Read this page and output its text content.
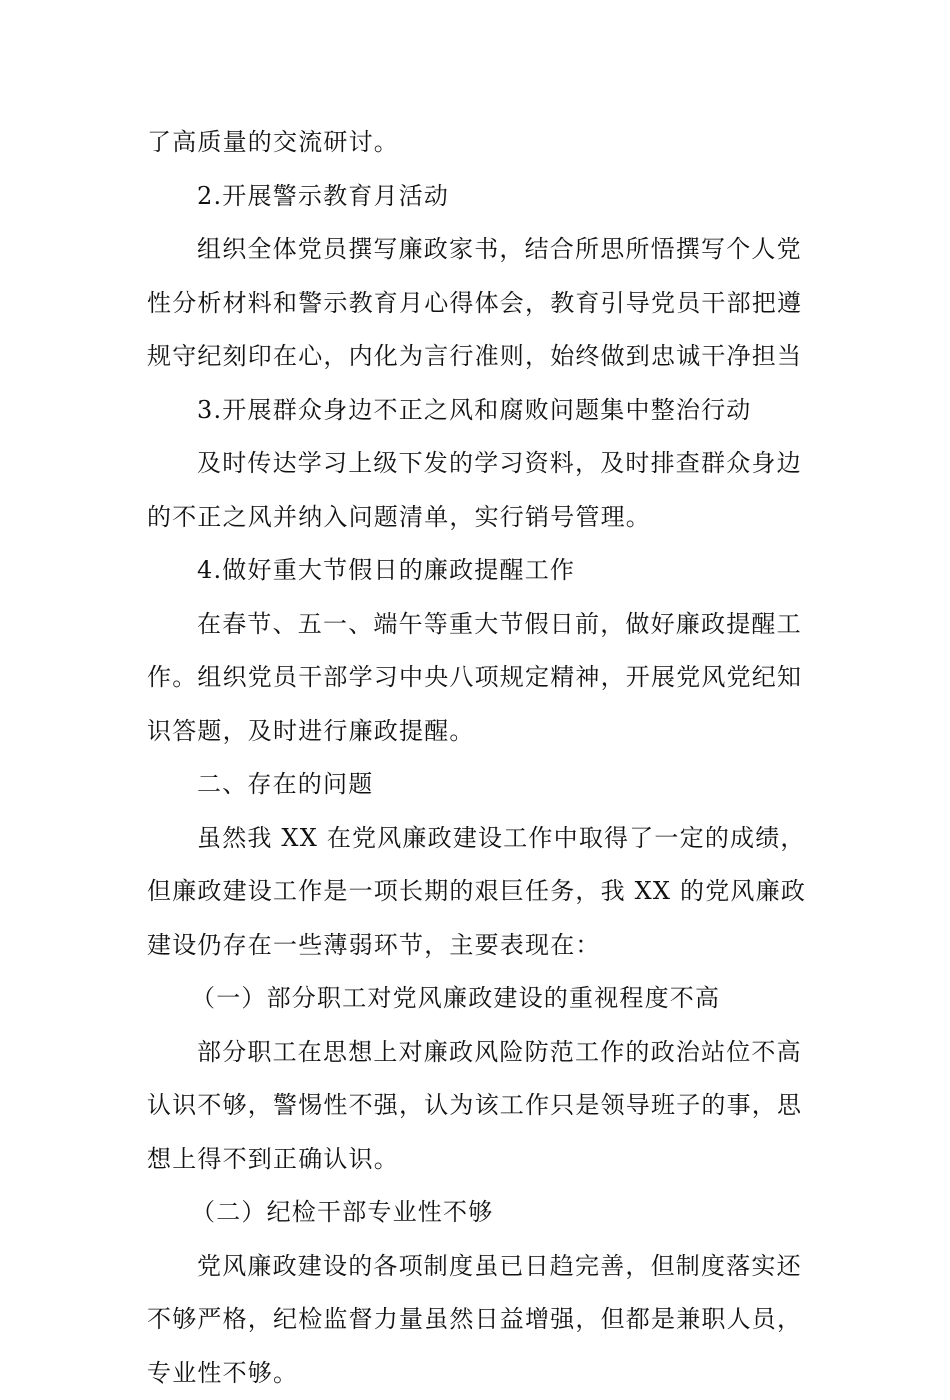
了高质量的交流研讨。

2.开展警示教育月活动

组织全体党员撰写廉政家书，结合所思所悟撰写个人党
性分析材料和警示教育月心得体会，教育引导党员干部把遵
规守纪刻印在心，内化为言行准则，始终做到忠诚干净担当

3.开展群众身边不正之风和腐败问题集中整治行动

及时传达学习上级下发的学习资料，及时排查群众身边
的不正之风并纳入问题清单，实行销号管理。

4.做好重大节假日的廉政提醒工作

在春节、五一、端午等重大节假日前，做好廉政提醒工
作。组织党员干部学习中央八项规定精神，开展党风党纪知
识答题，及时进行廉政提醒。

二、存在的问题

虽然我 XX 在党风廉政建设工作中取得了一定的成绩，
但廉政建设工作是一项长期的艰巨任务，我 XX 的党风廉政
建设仍存在一些薄弱环节，主要表现在：

（一）部分职工对党风廉政建设的重视程度不高

部分职工在思想上对廉政风险防范工作的政治站位不高
认识不够，警惕性不强，认为该工作只是领导班子的事，思
想上得不到正确认识。

（二）纪检干部专业性不够

党风廉政建设的各项制度虽已日趋完善，但制度落实还
不够严格，纪检监督力量虽然日益增强，但都是兼职人员，
专业性不够。
